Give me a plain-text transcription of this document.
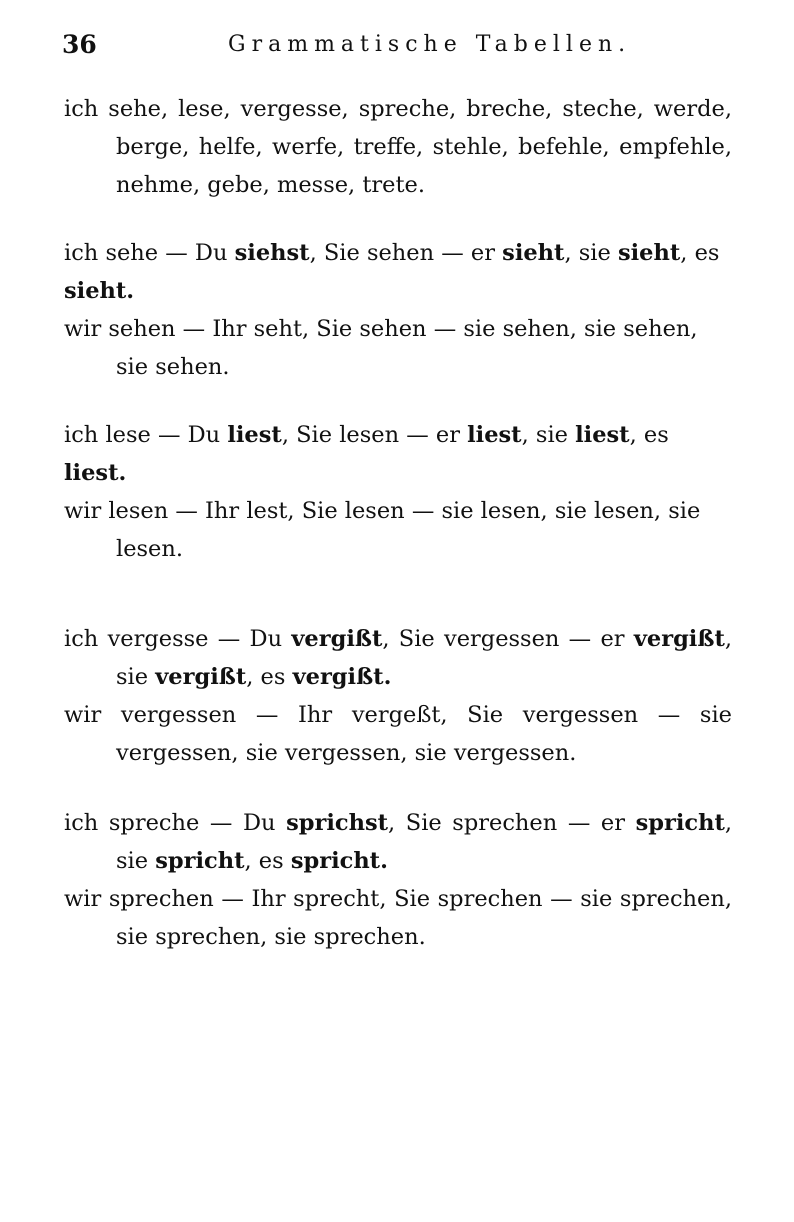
36	Grammatische Tabellen.

ich sehe, lese, vergesse, spreche, breche, steche, werde, berge, helfe, werfe, treffe, stehle, befehle, empfehle, nehme, gebe, messe, trete.

ich sehe — Du siehst, Sie sehen — er sieht, sie sieht, es sieht.

wir sehen — Ihr seht, Sie sehen — sie sehen, sie sehen, sie sehen.

ich lese — Du liest, Sie lesen — er liest, sie liest, es liest.

wir lesen — Ihr lest, Sie lesen — sie lesen, sie lesen, sie lesen.

ich vergesse — Du vergißt, Sie vergessen — er vergißt, sie vergißt, es vergißt.

wir vergessen — Ihr vergeßt, Sie vergessen — sie vergessen, sie vergessen, sie vergessen.

ich spreche — Du sprichst, Sie sprechen — er spricht, sie spricht, es spricht.

wir sprechen — Ihr sprecht, Sie sprechen — sie sprechen, sie sprechen, sie sprechen.
